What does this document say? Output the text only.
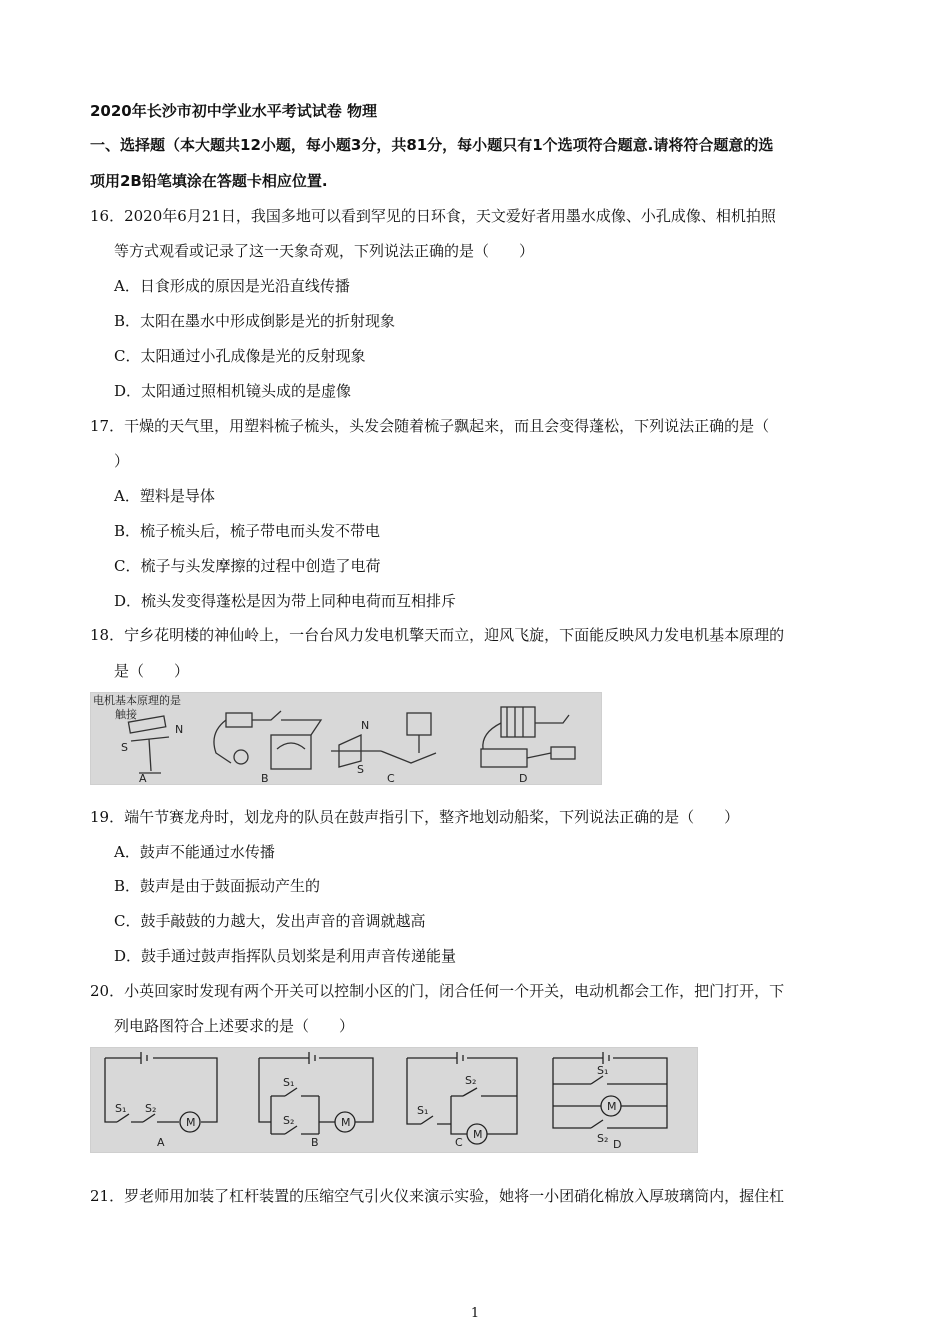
2020年长沙市初中学业水平考试试卷 物理
一、选择题（本大题共12小题，每小题3分，共81分，每小题只有1个选项符合题意.请将符合题意的选
项用2B铅笔填涂在答题卡相应位置.
16．2020年6月21日，我国多地可以看到罕见的日环食，天文爱好者用墨水成像、小孔成像、相机拍照
等方式观看或记录了这一天象奇观，下列说法正确的是（　　）
A．日食形成的原因是光沿直线传播
B．太阳在墨水中形成倒影是光的折射现象
C．太阳通过小孔成像是光的反射现象
D．太阳通过照相机镜头成的是虚像
17．干燥的天气里，用塑料梳子梳头，头发会随着梳子飘起来，而且会变得蓬松，下列说法正确的是（
）
A．塑料是导体
B．梳子梳头后，梳子带电而头发不带电
C．梳子与头发摩擦的过程中创造了电荷
D．梳头发变得蓬松是因为带上同种电荷而互相排斥
18．宁乡花明楼的神仙岭上，一台台风力发电机擎天而立，迎风飞旋，下面能反映风力发电机基本原理的
是（　　）
电机基本原理的是
触接
S
N
A	B
N
S
C	D
19．端午节赛龙舟时，划龙舟的队员在鼓声指引下，整齐地划动船桨，下列说法正确的是（　　）
A．鼓声不能通过水传播
B．鼓声是由于鼓面振动产生的
C．鼓手敲鼓的力越大，发出声音的音调就越高
D．鼓手通过鼓声指挥队员划桨是利用声音传递能量
20．小英回家时发现有两个开关可以控制小区的门，闭合任何一个开关，电动机都会工作，把门打开，下
列电路图符合上述要求的是（　　）
S₁ S₂
M
A
S₁
S₂	M
B
S₁
S₂
M
C
S₁
S₂
M
D
21．罗老师用加装了杠杆装置的压缩空气引火仪来演示实验，她将一小团硝化棉放入厚玻璃筒内，握住杠
1
